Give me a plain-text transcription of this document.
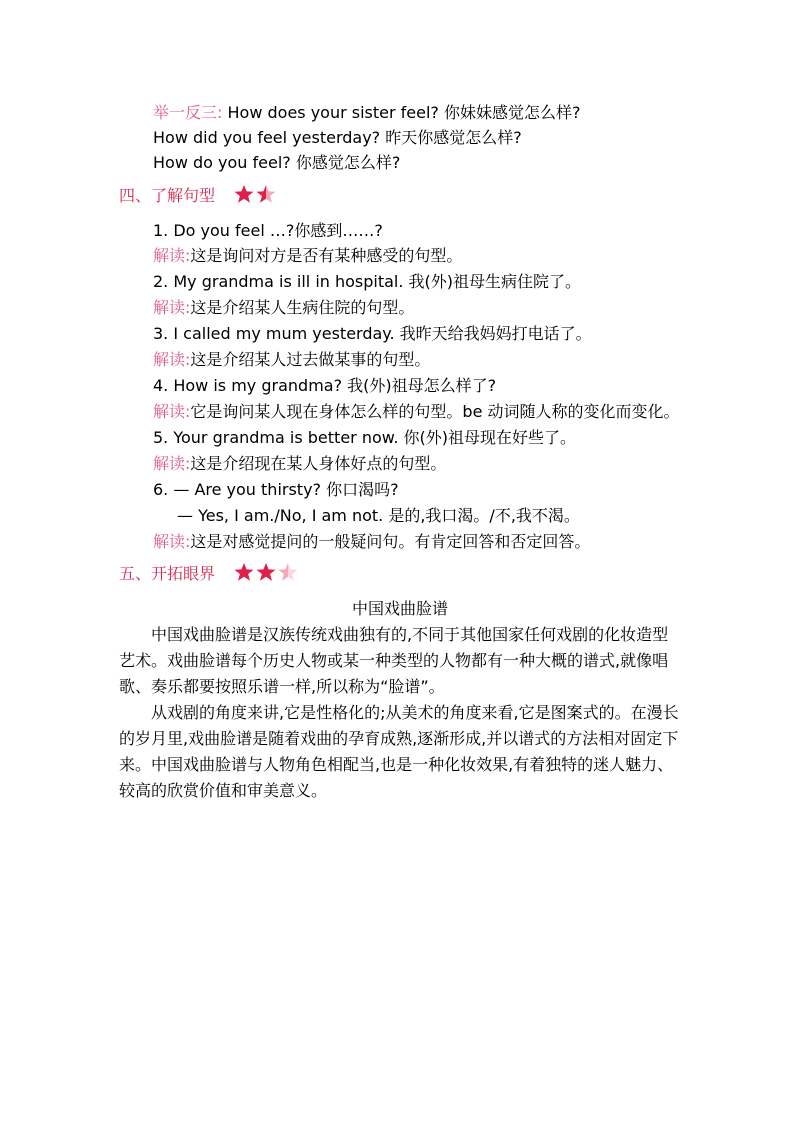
举一反三: How does your sister feel? 你妹妹感觉怎么样?
How did you feel yesterday? 昨天你感觉怎么样?
How do you feel? 你感觉怎么样?
四、了解句型
1. Do you feel …?你感到……?
解读:这是询问对方是否有某种感受的句型。
2. My grandma is ill in hospital. 我(外)祖母生病住院了。
解读:这是介绍某人生病住院的句型。
3. I called my mum yesterday. 我昨天给我妈妈打电话了。
解读:这是介绍某人过去做某事的句型。
4. How is my grandma? 我(外)祖母怎么样了?
解读:它是询问某人现在身体怎么样的句型。be 动词随人称的变化而变化。
5. Your grandma is better now. 你(外)祖母现在好些了。
解读:这是介绍现在某人身体好点的句型。
6. — Are you thirsty? 你口渴吗?
— Yes, I am./No, I am not. 是的,我口渴。/不,我不渴。
解读:这是对感觉提问的一般疑问句。有肯定回答和否定回答。
五、开拓眼界
中国戏曲脸谱
中国戏曲脸谱是汉族传统戏曲独有的,不同于其他国家任何戏剧的化妆造型艺术。戏曲脸谱每个历史人物或某一种类型的人物都有一种大概的谱式,就像唱歌、奏乐都要按照乐谱一样,所以称为“脸谱”。
从戏剧的角度来讲,它是性格化的;从美术的角度来看,它是图案式的。在漫长的岁月里,戏曲脸谱是随着戏曲的孕育成熟,逐渐形成,并以谱式的方法相对固定下来。中国戏曲脸谱与人物角色相配当,也是一种化妆效果,有着独特的迷人魅力、较高的欣赏价值和审美意义。
